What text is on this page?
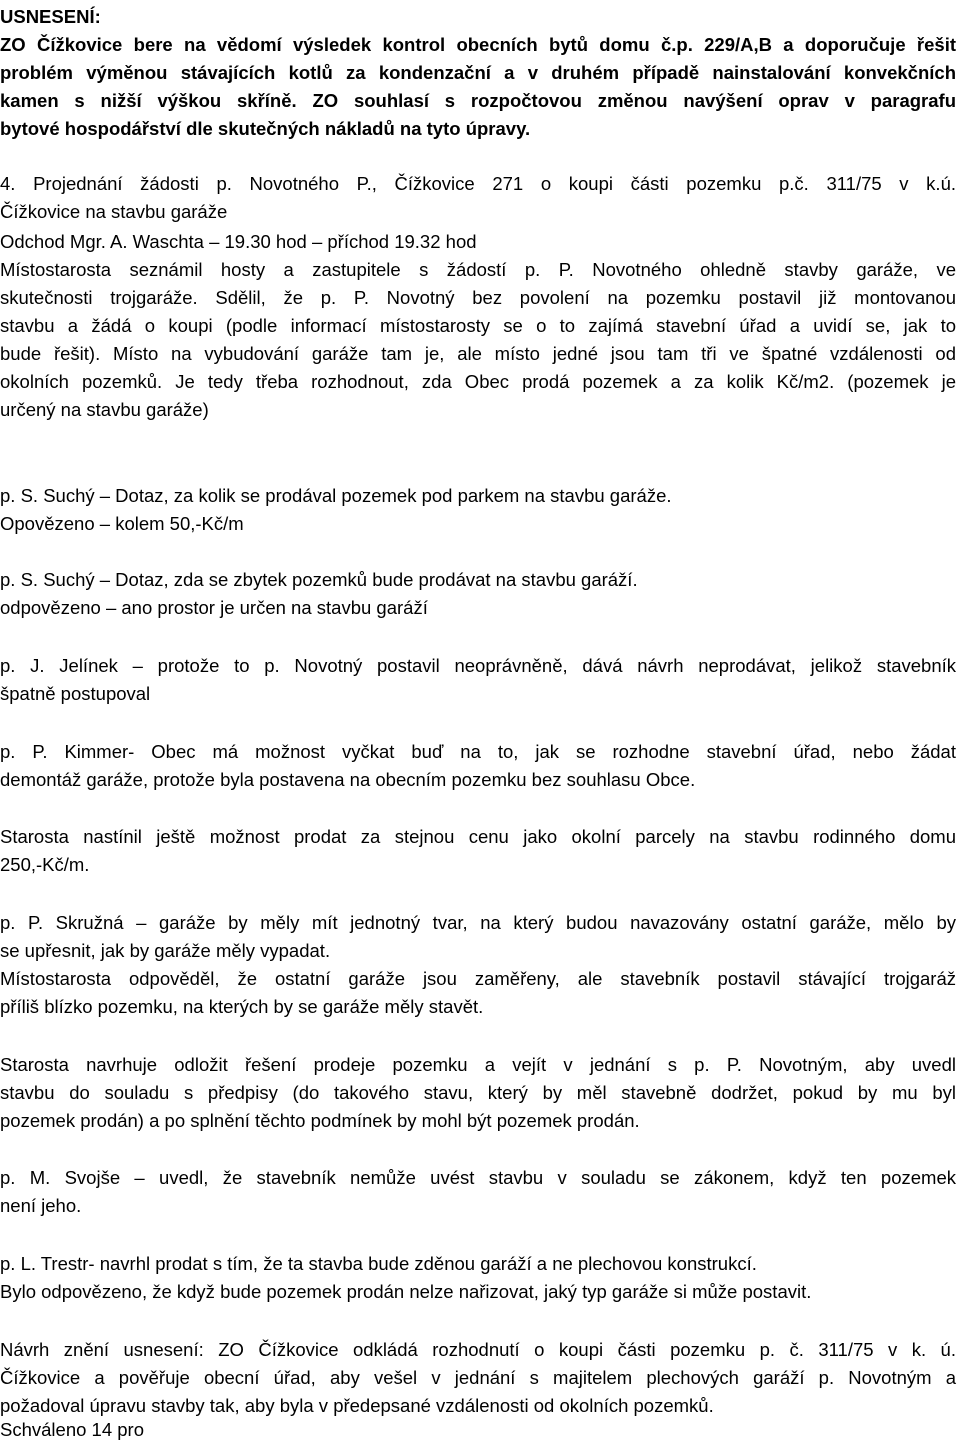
USNESENÍ:
ZO Čížkovice bere na vědomí výsledek kontrol obecních bytů domu č.p. 229/A,B a doporučuje řešit
problém výměnou stávajících kotlů za kondenzační a v druhém případě nainstalování konvekčních
kamen s nižší výškou skříně. ZO souhlasí s rozpočtovou změnou navýšení oprav v paragrafu
bytové hospodářství dle skutečných nákladů na tyto úpravy.
4. Projednání žádosti p. Novotného P., Čížkovice 271 o koupi části pozemku p.č. 311/75 v k.ú.
Čížkovice na stavbu garáže
Odchod Mgr. A. Waschta – 19.30 hod – příchod 19.32 hod
Místostarosta seznámil hosty a zastupitele s žádostí p. P. Novotného ohledně stavby garáže, ve
skutečnosti trojgaráže. Sdělil, že p. P. Novotný bez povolení na pozemku postavil již montovanou
stavbu a žádá o koupi (podle informací místostarosty se o to zajímá stavební úřad a uvidí se, jak to
bude řešit). Místo na vybudování garáže tam je, ale místo jedné jsou tam tři ve špatné vzdálenosti od
okolních pozemků. Je tedy třeba rozhodnout, zda Obec prodá pozemek a za kolik Kč/m2. (pozemek je
určený na stavbu garáže)
p. S. Suchý – Dotaz, za kolik se prodával pozemek pod parkem na stavbu garáže.
Opovězeno – kolem 50,-Kč/m
p. S. Suchý – Dotaz, zda se zbytek pozemků bude prodávat na stavbu garáží.
odpovězeno – ano prostor je určen na stavbu garáží
p. J. Jelínek – protože to p. Novotný postavil neoprávněně, dává návrh neprodávat, jelikož stavebník
špatně postupoval
p. P. Kimmer- Obec má možnost vyčkat buď na to, jak se rozhodne stavební úřad, nebo žádat
demontáž garáže, protože byla postavena na obecním pozemku bez souhlasu Obce.
Starosta nastínil ještě možnost prodat za stejnou cenu jako okolní parcely na stavbu rodinného domu
250,-Kč/m.
p. P. Skružná – garáže by měly mít jednotný tvar, na který budou navazovány ostatní garáže, mělo by
se upřesnit, jak by garáže měly vypadat.
Místostarosta odpověděl, že ostatní garáže jsou zaměřeny, ale stavebník postavil stávající trojgaráž
příliš blízko pozemku, na kterých by se garáže měly stavět.
Starosta navrhuje odložit řešení prodeje pozemku a vejít v jednání s p. P. Novotným, aby uvedl
stavbu do souladu s předpisy (do takového stavu, který by měl stavebně dodržet, pokud by mu byl
pozemek prodán) a po splnění těchto podmínek by mohl být pozemek prodán.
p. M. Svojše – uvedl, že stavebník nemůže uvést stavbu v souladu se zákonem, když ten pozemek
není jeho.
p. L. Trestr- navrhl prodat s tím, že ta stavba bude zděnou garáží a ne plechovou konstrukcí.
Bylo odpovězeno, že když bude pozemek prodán nelze nařizovat, jaký typ garáže si může postavit.
Návrh znění usnesení: ZO Čížkovice odkládá rozhodnutí o koupi části pozemku p. č. 311/75 v k. ú.
Čížkovice a pověřuje obecní úřad, aby vešel v jednání s majitelem plechových garáží p. Novotným a
požadoval úpravu stavby tak, aby byla v předepsané vzdálenosti od okolních pozemků.
Schváleno 14 pro
